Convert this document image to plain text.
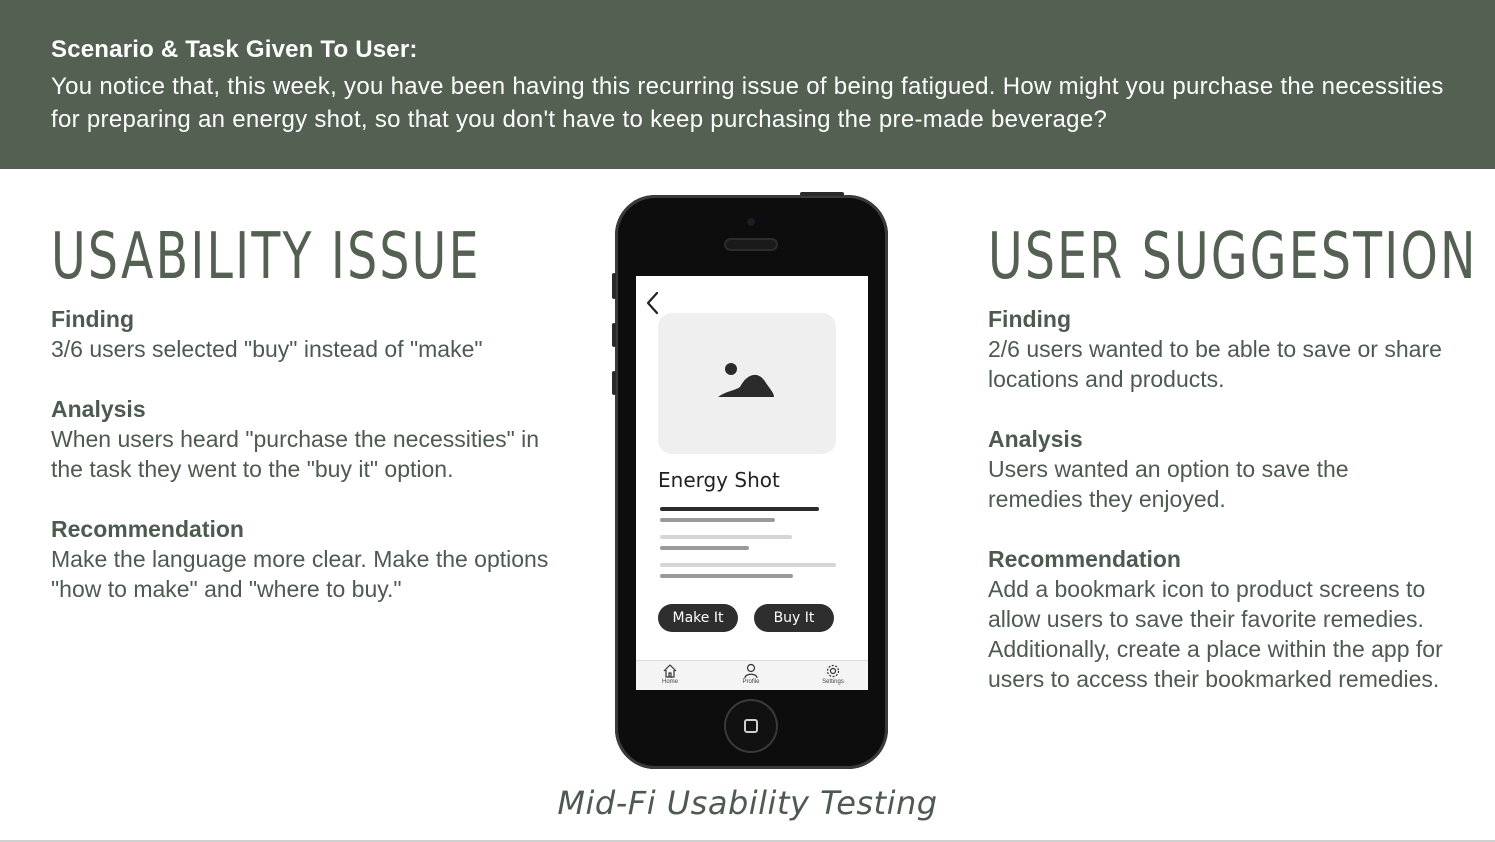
Scenario & Task Given To User:
You notice that, this week, you have been having this recurring issue of being fatigued. How might you purchase the necessities for preparing an energy shot, so that you don't have to keep purchasing the pre-made beverage?
USABILITY ISSUE
Finding
3/6 users selected "buy" instead of "make"
Analysis
When users heard "purchase the necessities" in the task they went to the "buy it" option.
Recommendation
Make the language more clear. Make the options "how to make" and "where to buy."
USER SUGGESTION
Finding
2/6 users wanted to be able to save or share locations and products.
Analysis
Users wanted an option to save the remedies they enjoyed.
Recommendation
Add a bookmark icon to product screens to allow users to save their favorite remedies. Additionally, create a place within the app for users to access their bookmarked remedies.
Energy Shot
Make It	Buy It
Home	Profile	Settings
Mid-Fi Usability Testing
